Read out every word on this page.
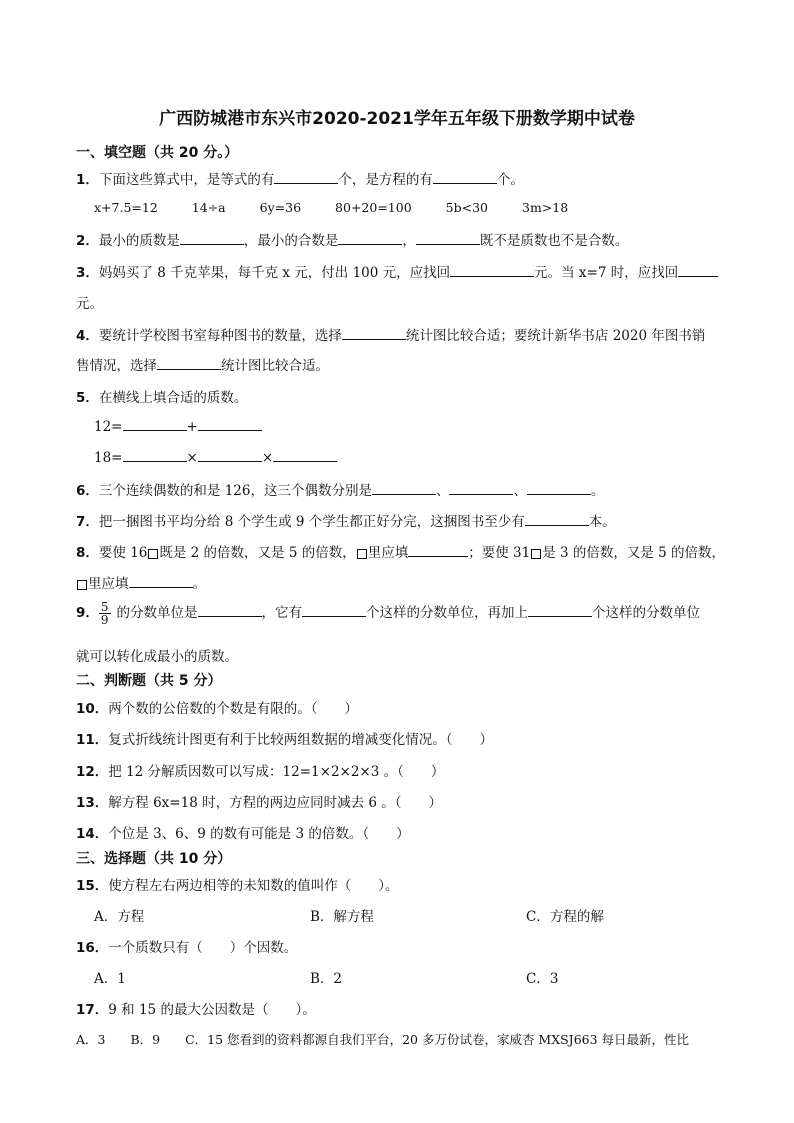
广西防城港市东兴市2020-2021学年五年级下册数学期中试卷
一、填空题（共 20 分。）
1．下面这些算式中，是等式的有	个，是方程的有	个。
x+7.5=12	14÷a	6y=36	80+20=100	5b<30	3m>18
2．最小的质数是	，最小的合数是	，	既不是质数也不是合数。
3．妈妈买了 8 千克苹果，每千克 x 元，付出 100 元，应找回	元。当 x=7 时，应找回
元。
4．要统计学校图书室每种图书的数量，选择	统计图比较合适；要统计新华书店 2020 年图书销
售情况，选择	统计图比较合适。
5．在横线上填合适的质数。
12=	+
18=	×	×
6．三个连续偶数的和是 126，这三个偶数分别是	、	、	。
7．把一捆图书平均分给 8 个学生或 9 个学生都正好分完，这捆图书至少有	本。
8．要使 16 既是 2 的倍数，又是 5 的倍数， 里应填	；要使 31 是 3 的倍数，又是 5 的倍数，
里应填	。
9． $\frac{5}{9}$ 的分数单位是	，它有	个这样的分数单位，再加上	个这样的分数单位
就可以转化成最小的质数。
二、判断题（共 5 分）
10．两个数的公倍数的个数是有限的。（　　）
11．复式折线统计图更有利于比较两组数据的增减变化情况。（　　）
12．把 12 分解质因数可以写成：12=1×2×2×3 。（　　）
13．解方程 6x=18 时，方程的两边应同时减去 6 。（　　）
14．个位是 3、6、9 的数有可能是 3 的倍数。（　　）
三、选择题（共 10 分）
15．使方程左右两边相等的未知数的值叫作（　　）。
A．方程	B．解方程	C．方程的解
16．一个质数只有（　　）个因数。
A．1	B．2	C．3
17．9 和 15 的最大公因数是（　　）。
A．3　　B．9　　C．15 您看到的资料都源自我们平台，20 多万份试卷，家威杏 MXSJ663 每日最新，性比
